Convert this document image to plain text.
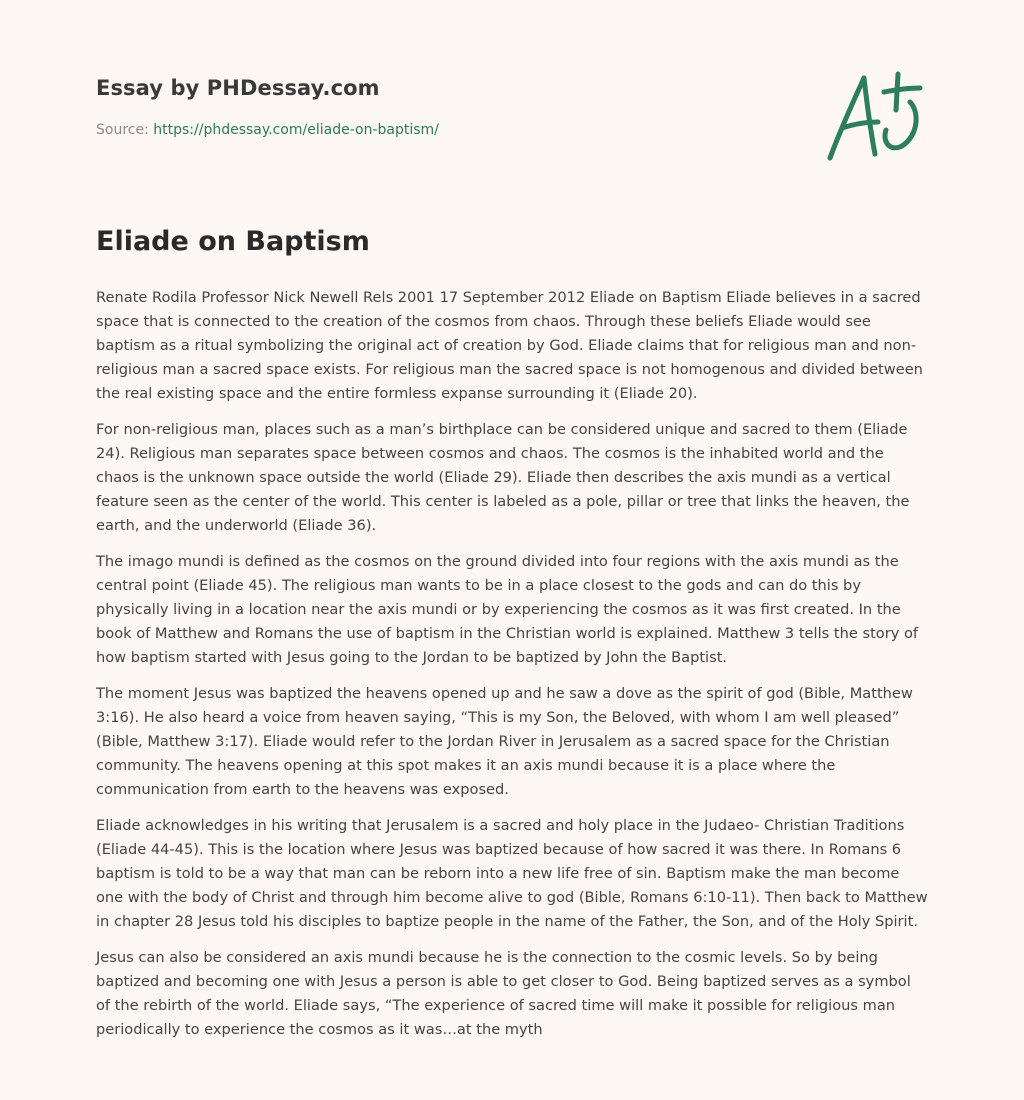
Essay by PHDessay.com
Source: https://phdessay.com/eliade-on-baptism/
Eliade on Baptism

Renate Rodila Professor Nick Newell Rels 2001 17 September 2012 Eliade on Baptism Eliade believes in a sacred space that is connected to the creation of the cosmos from chaos. Through these beliefs Eliade would see baptism as a ritual symbolizing the original act of creation by God. Eliade claims that for religious man and non-religious man a sacred space exists. For religious man the sacred space is not homogenous and divided between the real existing space and the entire formless expanse surrounding it (Eliade 20).

For non-religious man, places such as a man’s birthplace can be considered unique and sacred to them (Eliade 24). Religious man separates space between cosmos and chaos. The cosmos is the inhabited world and the chaos is the unknown space outside the world (Eliade 29). Eliade then describes the axis mundi as a vertical feature seen as the center of the world. This center is labeled as a pole, pillar or tree that links the heaven, the earth, and the underworld (Eliade 36).

The imago mundi is defined as the cosmos on the ground divided into four regions with the axis mundi as the central point (Eliade 45). The religious man wants to be in a place closest to the gods and can do this by physically living in a location near the axis mundi or by experiencing the cosmos as it was first created. In the book of Matthew and Romans the use of baptism in the Christian world is explained. Matthew 3 tells the story of how baptism started with Jesus going to the Jordan to be baptized by John the Baptist.

The moment Jesus was baptized the heavens opened up and he saw a dove as the spirit of god (Bible, Matthew 3:16). He also heard a voice from heaven saying, “This is my Son, the Beloved, with whom I am well pleased” (Bible, Matthew 3:17). Eliade would refer to the Jordan River in Jerusalem as a sacred space for the Christian community. The heavens opening at this spot makes it an axis mundi because it is a place where the communication from earth to the heavens was exposed.

Eliade acknowledges in his writing that Jerusalem is a sacred and holy place in the Judaeo- Christian Traditions (Eliade 44-45). This is the location where Jesus was baptized because of how sacred it was there. In Romans 6 baptism is told to be a way that man can be reborn into a new life free of sin. Baptism make the man become one with the body of Christ and through him become alive to god (Bible, Romans 6:10-11). Then back to Matthew in chapter 28 Jesus told his disciples to baptize people in the name of the Father, the Son, and of the Holy Spirit.

Jesus can also be considered an axis mundi because he is the connection to the cosmic levels. So by being baptized and becoming one with Jesus a person is able to get closer to God. Being baptized serves as a symbol of the rebirth of the world. Eliade says, “The experience of sacred time will make it possible for religious man periodically to experience the cosmos as it was…at the myth
